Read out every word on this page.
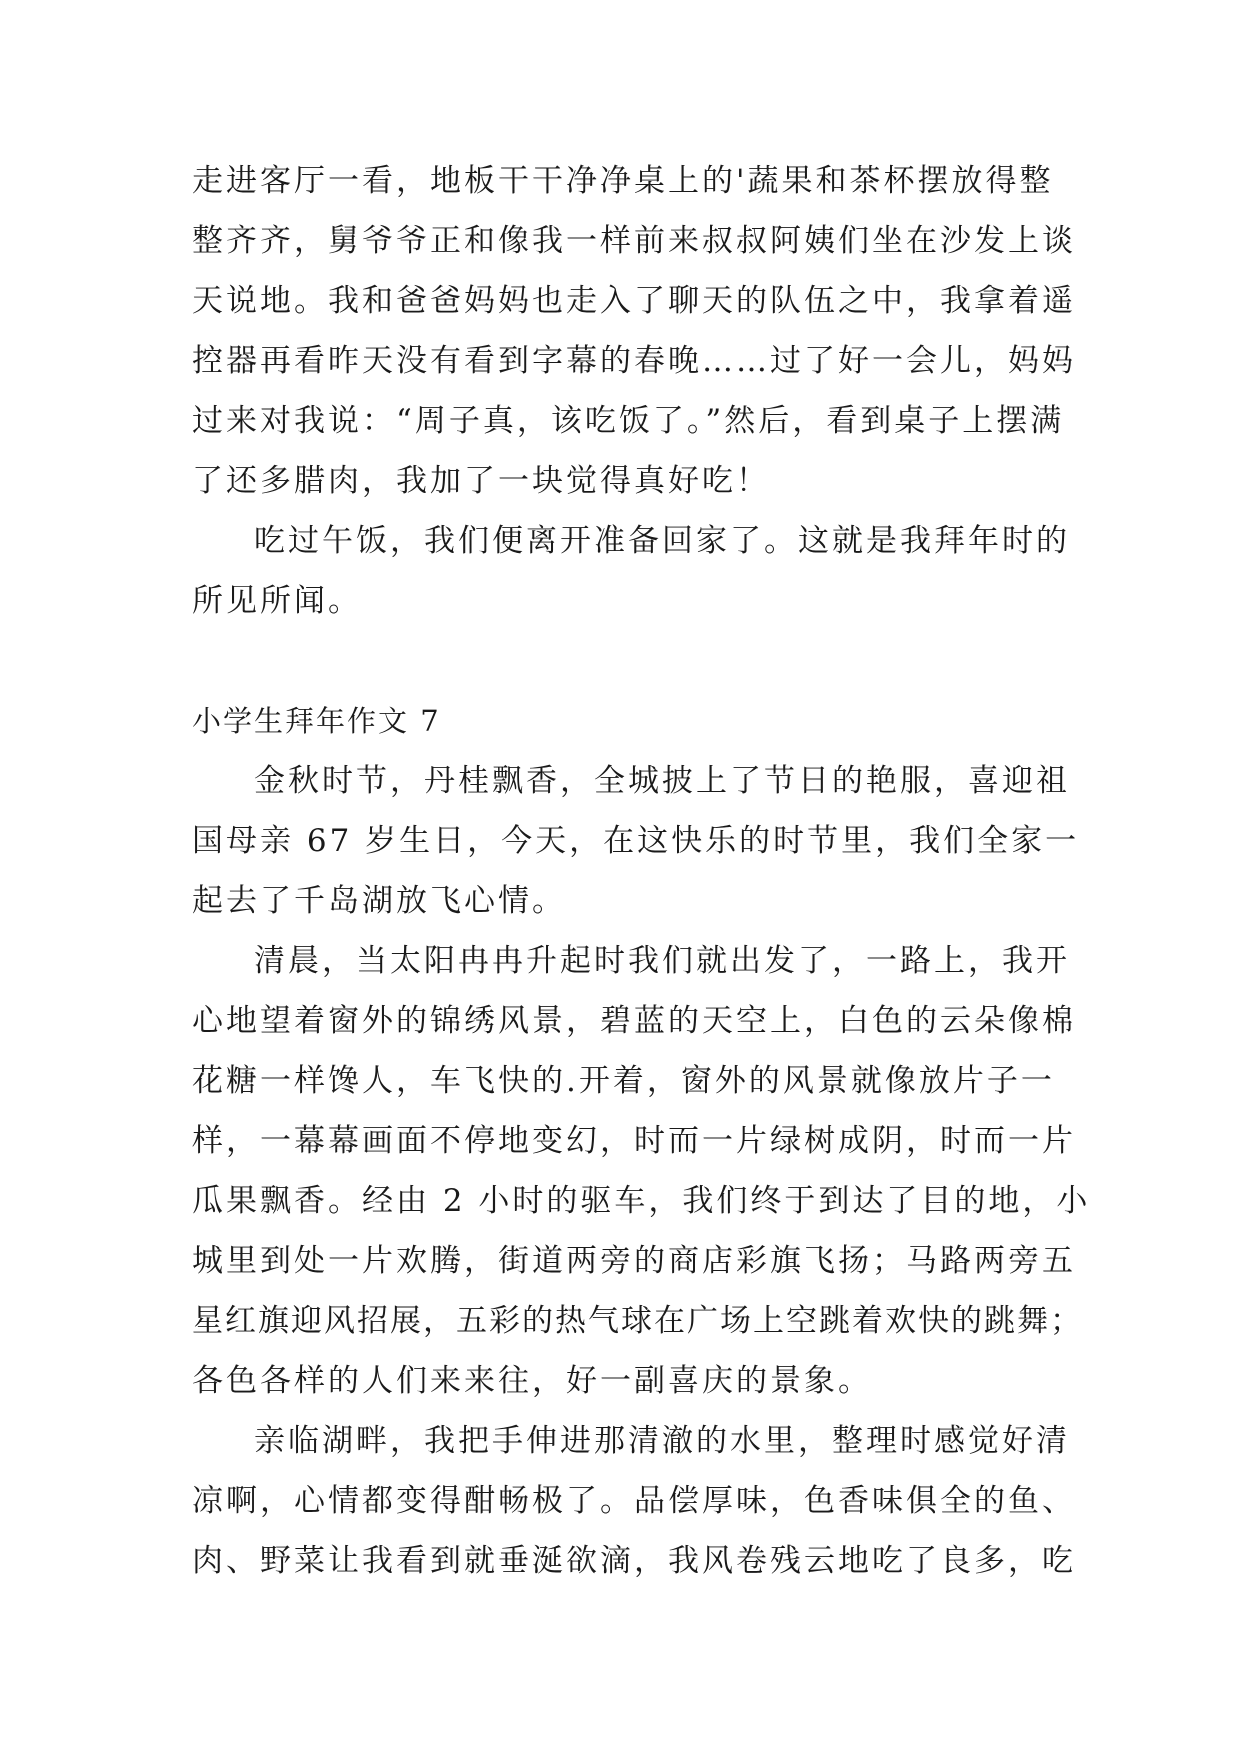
走进客厅一看，地板干干净净桌上的'蔬果和茶杯摆放得整
整齐齐，舅爷爷正和像我一样前来叔叔阿姨们坐在沙发上谈
天说地。我和爸爸妈妈也走入了聊天的队伍之中，我拿着遥
控器再看昨天没有看到字幕的春晚……过了好一会儿，妈妈
过来对我说：“周子真，该吃饭了。”然后，看到桌子上摆满
了还多腊肉，我加了一块觉得真好吃！
吃过午饭，我们便离开准备回家了。这就是我拜年时的
所见所闻。
小学生拜年作文 7
金秋时节，丹桂飘香，全城披上了节日的艳服，喜迎祖
国母亲 67 岁生日，今天，在这快乐的时节里，我们全家一
起去了千岛湖放飞心情。
清晨，当太阳冉冉升起时我们就出发了，一路上，我开
心地望着窗外的锦绣风景，碧蓝的天空上，白色的云朵像棉
花糖一样馋人，车飞快的.开着，窗外的风景就像放片子一
样，一幕幕画面不停地变幻，时而一片绿树成阴，时而一片
瓜果飘香。经由 2 小时的驱车，我们终于到达了目的地，小
城里到处一片欢腾，街道两旁的商店彩旗飞扬；马路两旁五
星红旗迎风招展，五彩的热气球在广场上空跳着欢快的跳舞；
各色各样的人们来来往，好一副喜庆的景象。
亲临湖畔，我把手伸进那清澈的水里，整理时感觉好清
凉啊，心情都变得酣畅极了。品偿厚味，色香味俱全的鱼、
肉、野菜让我看到就垂涎欲滴，我风卷残云地吃了良多，吃
